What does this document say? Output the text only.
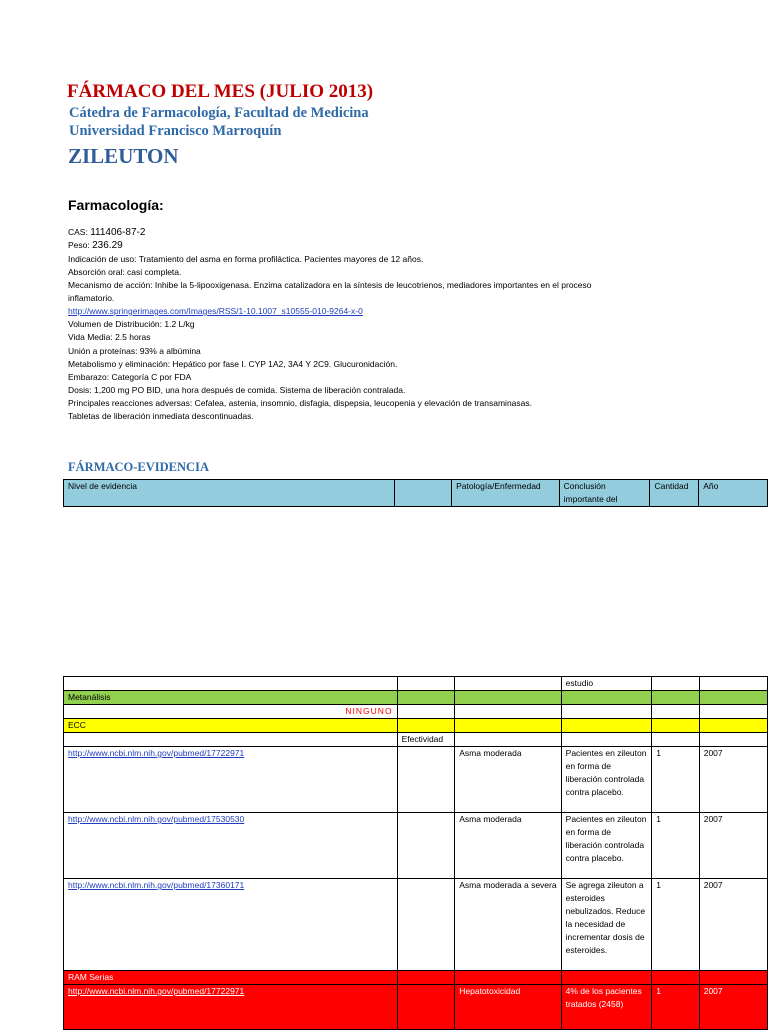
FÁRMACO DEL MES (JULIO 2013)
Cátedra de Farmacología, Facultad de Medicina
Universidad Francisco Marroquín
ZILEUTON
Farmacología:
CAS: 111406-87-2
Peso: 236.29
Indicación de uso: Tratamiento del asma en forma profiláctica. Pacientes mayores de 12 años.
Absorción oral: casi completa.
Mecanismo de acción: Inhibe la 5-lipooxigenasa. Enzima catalizadora en la síntesis de leucotrienos, mediadores importantes en el proceso
inflamatorio.
http://www.springerimages.com/Images/RSS/1-10.1007_s10555-010-9264-x-0
Volumen de Distribución: 1.2 L/kg
Vida Media: 2.5 horas
Unión a proteínas: 93% a albúmina
Metabolismo y eliminación: Hepático por fase I. CYP 1A2, 3A4 Y 2C9. Glucuronidación.
Embarazo: Categoría C por FDA
Dosis: 1,200 mg PO BID, una hora después de comida. Sistema de liberación contralada.
Principales reacciones adversas: Cefalea, astenia, insomnio, disfagia, dispepsia, leucopenia y elevación de transaminasas.
Tabletas de liberación inmediata descontinuadas.
FÁRMACO-EVIDENCIA
Nivel de evidencia		Patología/Enfermedad	Conclusión importante del	Cantidad	Año
			estudio		
Metanálisis					
NINGUNO					
ECC					
	Efectividad				
http://www.ncbi.nlm.nih.gov/pubmed/17722971		Asma moderada	Pacientes en zileuton en forma de liberación controlada contra placebo.	1	2007
http://www.ncbi.nlm.nih.gov/pubmed/17530530		Asma moderada	Pacientes en zileuton en forma de liberación controlada contra placebo.	1	2007
http://www.ncbi.nlm.nih.gov/pubmed/17360171		Asma moderada a severa	Se agrega zileuton a esteroides nebulizados. Reduce la necesidad de incrementar dosis de esteroides.	1	2007
RAM Serias					
http://www.ncbi.nlm.nih.gov/pubmed/17722971		Hepatotoxicidad	4% de los pacientes tratados (2458)	1	2007
